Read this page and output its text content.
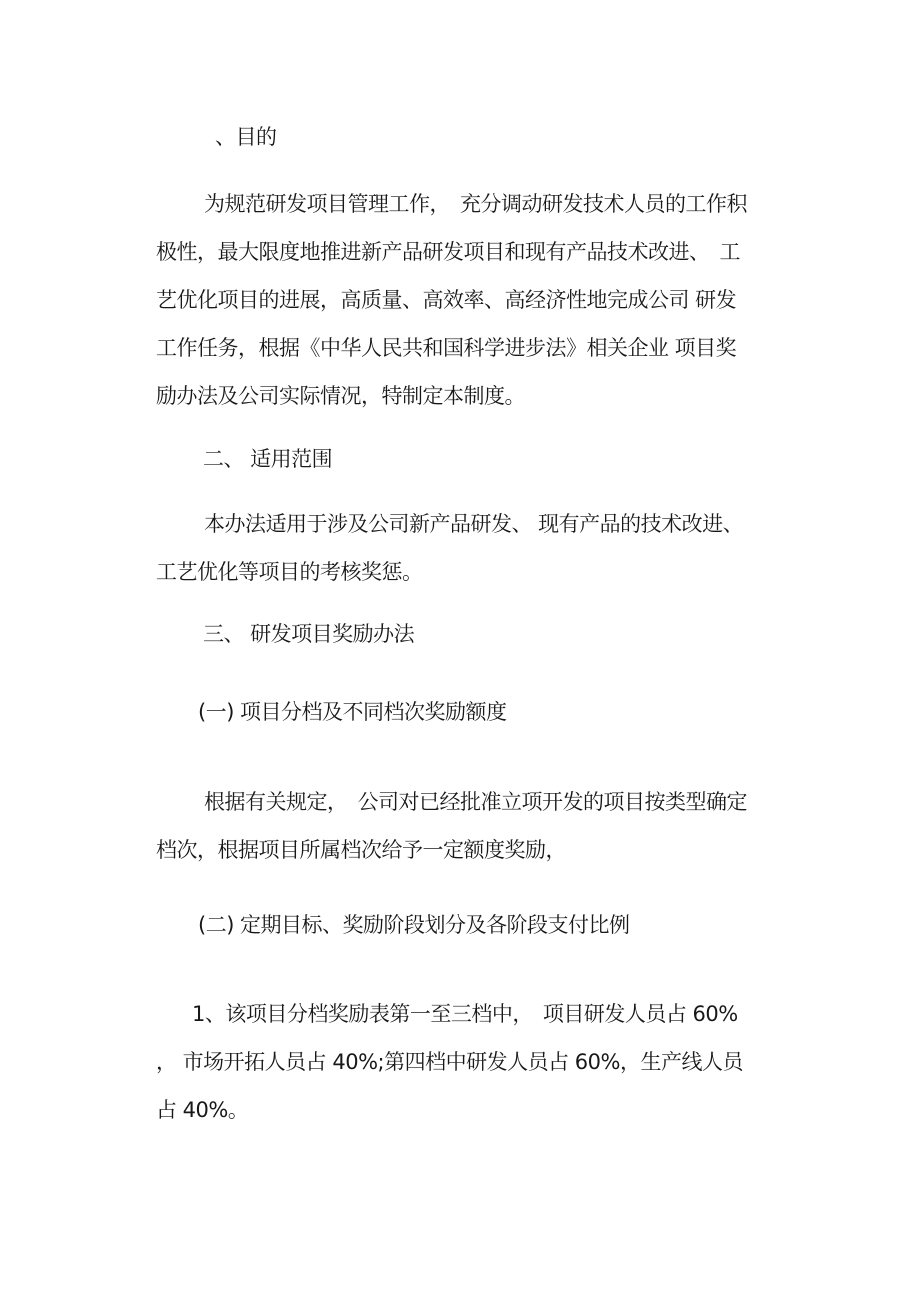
、目的
为规范研发项目管理工作，　充分调动研发技术人员的工作积
极性，最大限度地推进新产品研发项目和现有产品技术改进、　工
艺优化项目的进展，高质量、高效率、高经济性地完成公司 研发
工作任务，根据《中华人民共和国科学进步法》相关企业 项目奖
励办法及公司实际情况，特制定本制度。
二、 适用范围
本办法适用于涉及公司新产品研发、 现有产品的技术改进、
工艺优化等项目的考核奖惩。
三、 研发项目奖励办法
(一) 项目分档及不同档次奖励额度
根据有关规定，　公司对已经批准立项开发的项目按类型确定
档次，根据项目所属档次给予一定额度奖励，
(二) 定期目标、奖励阶段划分及各阶段支付比例
1、该项目分档奖励表第一至三档中，　项目研发人员占 60%
， 市场开拓人员占 40%;第四档中研发人员占 60%，生产线人员
占 40%。
